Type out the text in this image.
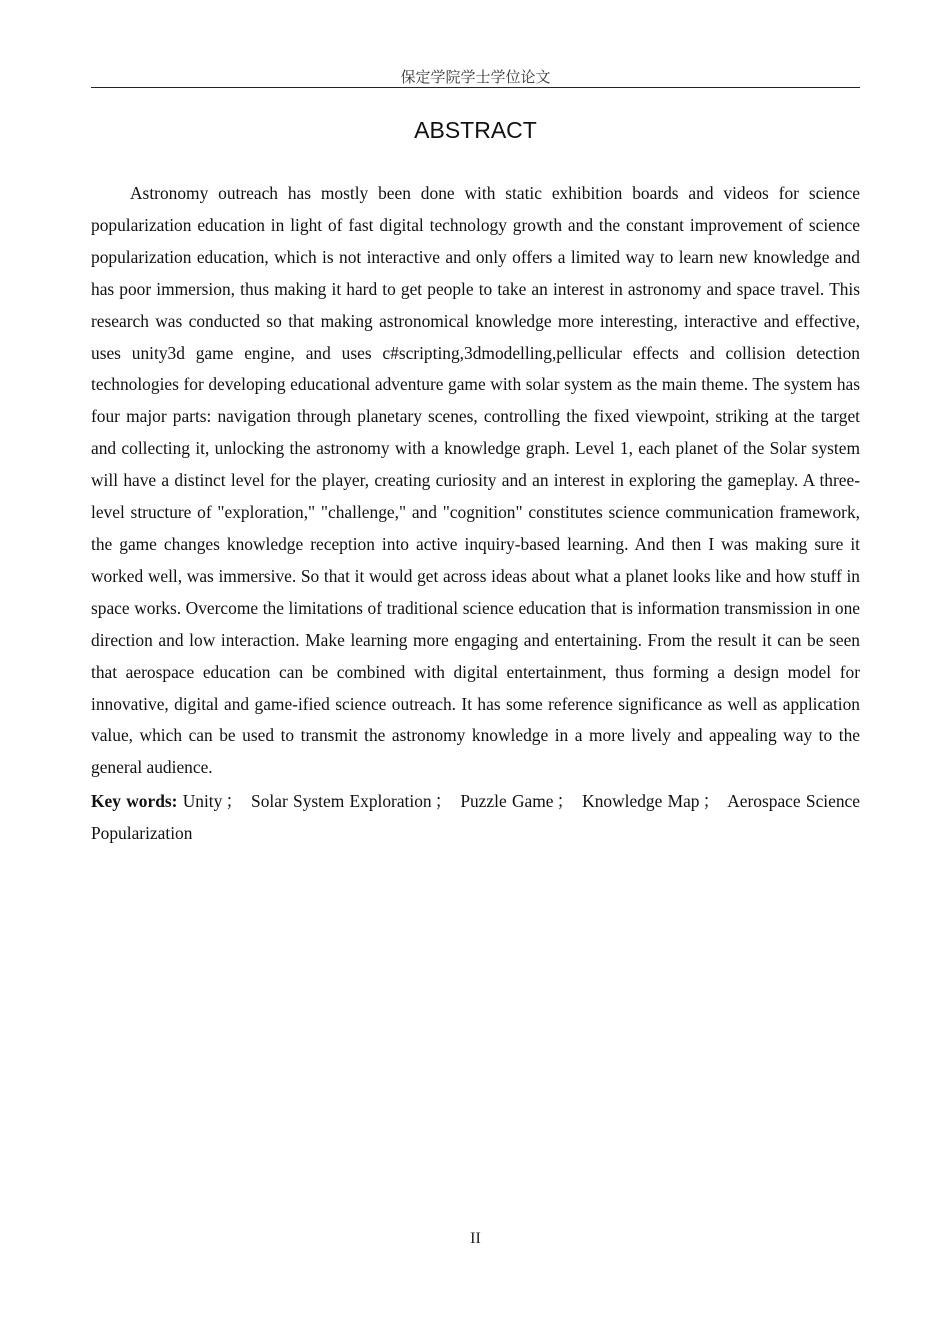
保定学院学士学位论文
ABSTRACT

Astronomy outreach has mostly been done with static exhibition boards and videos for science popularization education in light of fast digital technology growth and the constant improvement of science popularization education, which is not interactive and only offers a limited way to learn new knowledge and has poor immersion, thus making it hard to get people to take an interest in astronomy and space travel. This research was conducted so that making astronomical knowledge more interesting, interactive and effective, uses unity3d game engine, and uses c#scripting,3dmodelling,pellicular effects and collision detection technologies for developing educational adventure game with solar system as the main theme. The system has four major parts: navigation through planetary scenes, controlling the fixed viewpoint, striking at the target and collecting it, unlocking the astronomy with a knowledge graph. Level 1, each planet of the Solar system will have a distinct level for the player, creating curiosity and an interest in exploring the gameplay. A three-level structure of "exploration," "challenge," and "cognition" constitutes science communication framework, the game changes knowledge reception into active inquiry-based learning. And then I was making sure it worked well, was immersive. So that it would get across ideas about what a planet looks like and how stuff in space works. Overcome the limitations of traditional science education that is information transmission in one direction and low interaction. Make learning more engaging and entertaining. From the result it can be seen that aerospace education can be combined with digital entertainment, thus forming a design model for innovative, digital and game-ified science outreach. It has some reference significance as well as application value, which can be used to transmit the astronomy knowledge in a more lively and appealing way to the general audience.

Key words: Unity ； Solar System Exploration ； Puzzle Game ； Knowledge Map ； Aerospace Science Popularization

II
